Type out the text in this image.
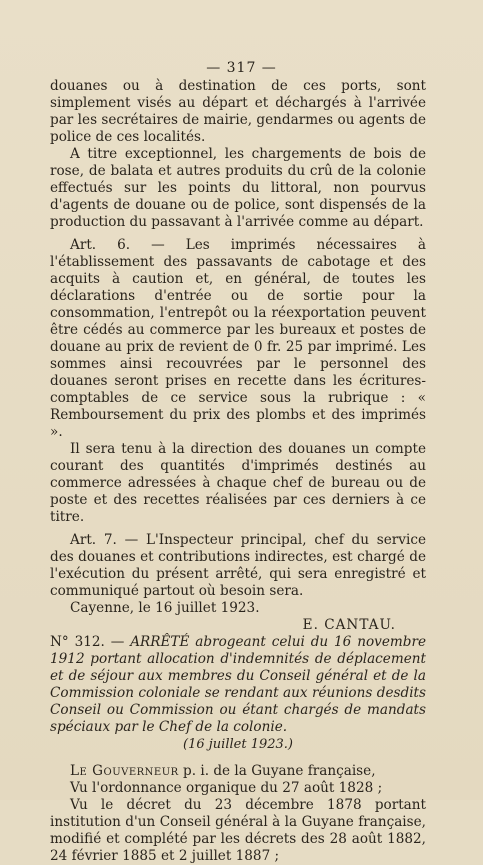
— 317 —

douanes ou à destination de ces ports, sont simplement visés au départ et déchargés à l'arrivée par les secrétaires de mairie, gendarmes ou agents de police de ces localités.

A titre exceptionnel, les chargements de bois de rose, de balata et autres produits du crû de la colonie effectués sur les points du littoral, non pourvus d'agents de douane ou de police, sont dispensés de la production du passavant à l'arrivée comme au départ.

Art. 6. — Les imprimés nécessaires à l'établissement des passavants de cabotage et des acquits à caution et, en général, de toutes les déclarations d'entrée ou de sortie pour la consommation, l'entrepôt ou la réexportation peuvent être cédés au commerce par les bureaux et postes de douane au prix de revient de 0 fr. 25 par imprimé. Les sommes ainsi recouvrées par le personnel des douanes seront prises en recette dans les écritures-comptables de ce service sous la rubrique : « Remboursement du prix des plombs et des imprimés ».

Il sera tenu à la direction des douanes un compte courant des quantités d'imprimés destinés au commerce adressées à chaque chef de bureau ou de poste et des recettes réalisées par ces derniers à ce titre.

Art. 7. — L'Inspecteur principal, chef du service des douanes et contributions indirectes, est chargé de l'exécution du présent arrêté, qui sera enregistré et communiqué partout où besoin sera.

Cayenne, le 16 juillet 1923.

E. CANTAU.

N° 312. — ARRÊTÉ abrogeant celui du 16 novembre 1912 portant allocation d'indemnités de déplacement et de séjour aux membres du Conseil général et de la Commission coloniale se rendant aux réunions desdits Conseil ou Commission ou étant chargés de mandats spéciaux par le Chef de la colonie.

(16 juillet 1923.)

Le Gouverneur p. i. de la Guyane française,

Vu l'ordonnance organique du 27 août 1828 ;

Vu le décret du 23 décembre 1878 portant institution d'un Conseil général à la Guyane française, modifié et complété par les décrets des 28 août 1882, 24 février 1885 et 2 juillet 1887 ;
